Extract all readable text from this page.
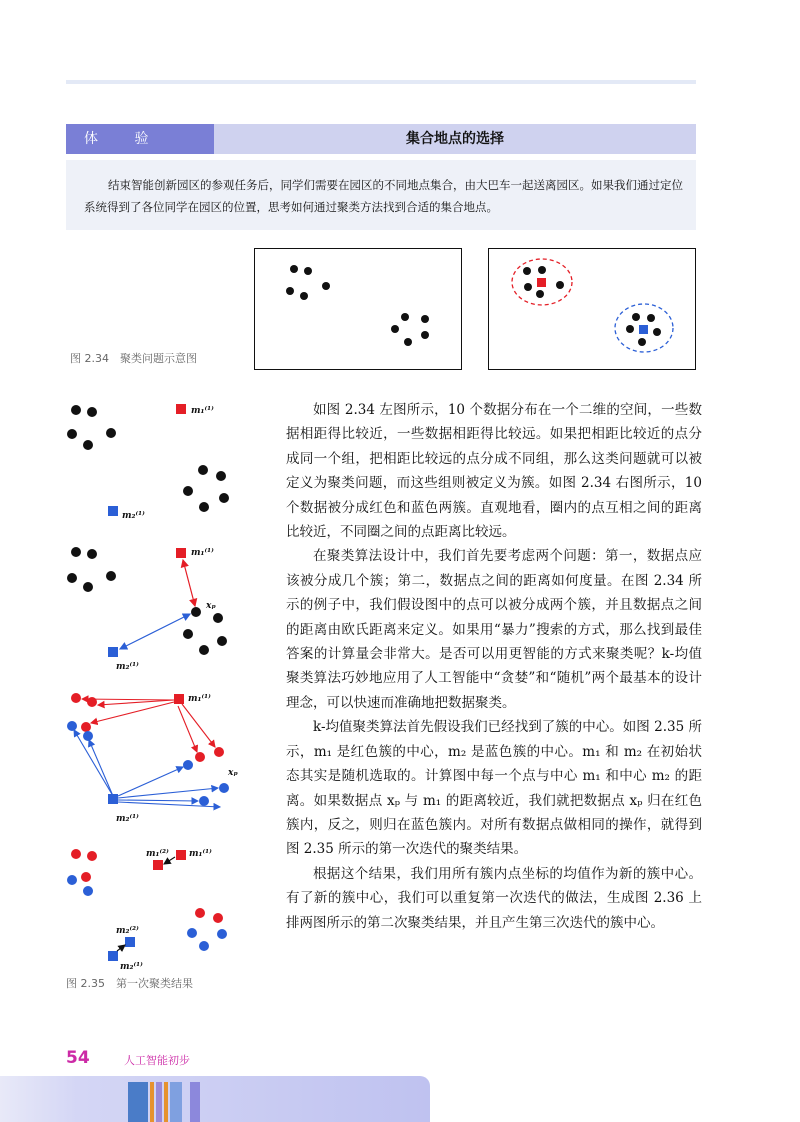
体 验	集合地点的选择
结束智能创新园区的参观任务后，同学们需要在园区的不同地点集合，由大巴车一起送离园区。如果我们通过定位系统得到了各位同学在园区的位置，思考如何通过聚类方法找到合适的集合地点。
图 2.34　聚类问题示意图
m₁⁽¹⁾
m₂⁽¹⁾
m₁⁽¹⁾
m₂⁽¹⁾
xₚ
m₁⁽¹⁾
m₂⁽¹⁾
xₚ
m₁⁽¹⁾
m₁⁽²⁾
m₂⁽²⁾
m₂⁽¹⁾
图 2.35　第一次聚类结果

如图 2.34 左图所示，10 个数据分布在一个二维的空间，一些数据相距得比较近，一些数据相距得比较远。如果把相距比较近的点分成同一个组，把相距比较远的点分成不同组，那么这类问题就可以被定义为聚类问题，而这些组则被定义为簇。如图 2.34 右图所示，10 个数据被分成红色和蓝色两簇。直观地看，圈内的点互相之间的距离比较近，不同圈之间的点距离比较远。

在聚类算法设计中，我们首先要考虑两个问题：第一，数据点应该被分成几个簇；第二，数据点之间的距离如何度量。在图 2.34 所示的例子中，我们假设图中的点可以被分成两个簇，并且数据点之间的距离由欧氏距离来定义。如果用“暴力”搜索的方式，那么找到最佳答案的计算量会非常大。是否可以用更智能的方式来聚类呢？k-均值聚类算法巧妙地应用了人工智能中“贪婪”和“随机”两个最基本的设计理念，可以快速而准确地把数据聚类。

k-均值聚类算法首先假设我们已经找到了簇的中心。如图 2.35 所示，m₁ 是红色簇的中心，m₂ 是蓝色簇的中心。m₁ 和 m₂ 在初始状态其实是随机选取的。计算图中每一个点与中心 m₁ 和中心 m₂ 的距离。如果数据点 xₚ 与 m₁ 的距离较近，我们就把数据点 xₚ 归在红色簇内，反之，则归在蓝色簇内。对所有数据点做相同的操作，就得到图 2.35 所示的第一次迭代的聚类结果。

根据这个结果，我们用所有簇内点坐标的均值作为新的簇中心。有了新的簇中心，我们可以重复第一次迭代的做法，生成图 2.36 上排两图所示的第二次聚类结果，并且产生第三次迭代的簇中心。

54	人工智能初步
